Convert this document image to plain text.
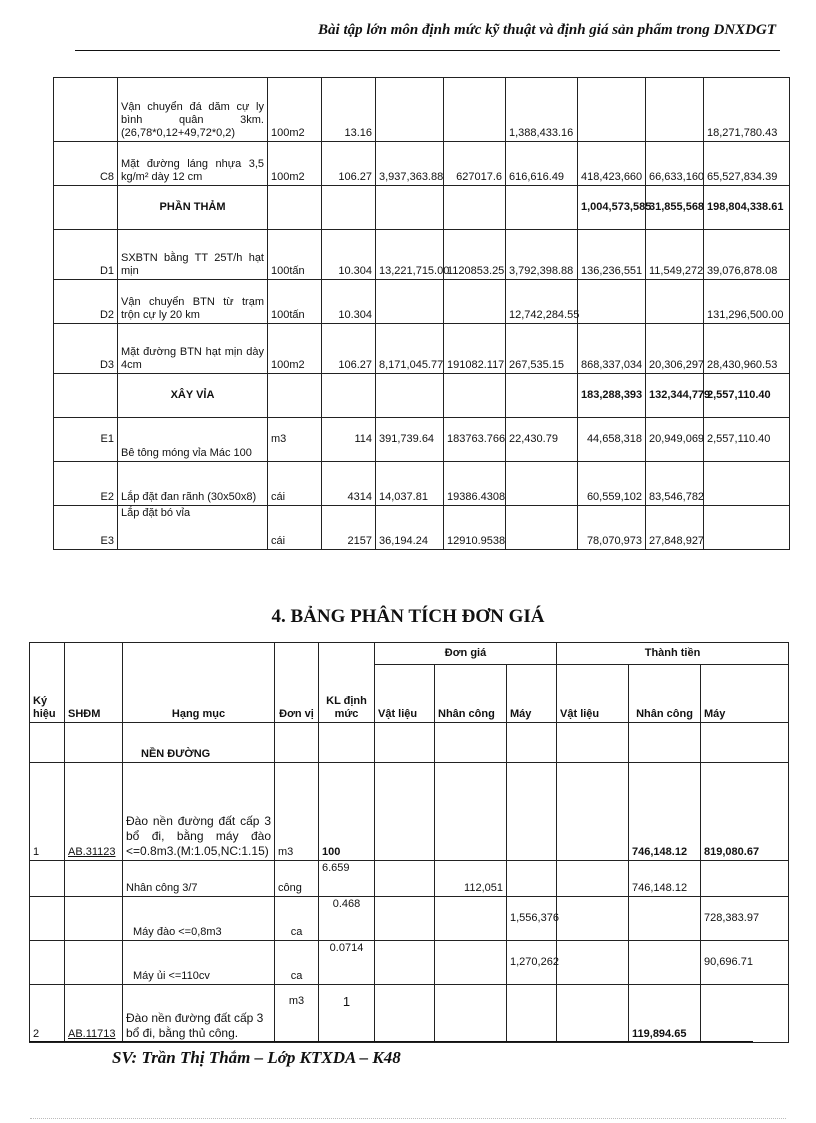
Bài tập lớn môn định mức kỹ thuật và định giá sản phẩm trong DNXDGT
	Vận chuyển đá dăm cự ly bình quân 3km.(26,78*0,12+49,72*0,2)	100m2	13.16			1,388,433.16			18,271,780.43
C8	Mặt đường láng nhựa 3,5 kg/m² dày 12 cm	100m2	106.27	3,937,363.88	627017.6	616,616.49	418,423,660	66,633,160	65,527,834.39
	PHẦN THẢM						1,004,573,585	31,855,568	198,804,338.61
D1	SXBTN bằng TT 25T/h hạt mịn	100tấn	10.304	13,221,715.00	1120853.25	3,792,398.88	136,236,551	11,549,272	39,076,878.08
D2	Vận chuyển BTN từ trạm trộn cự ly 20 km	100tấn	10.304			12,742,284.55			131,296,500.00
D3	Mặt đường BTN hạt mịn dày 4cm	100m2	106.27	8,171,045.77	191082.117	267,535.15	868,337,034	20,306,297	28,430,960.53
	XÂY VỈA						183,288,393	132,344,779	2,557,110.40
E1	Bê tông móng vỉa Mác 100	m3	114	391,739.64	183763.766	22,430.79	44,658,318	20,949,069	2,557,110.40
E2	Lắp đặt đan rãnh (30x50x8)	cái	4314	14,037.81	19386.4308		60,559,102	83,546,782	
E3	Lắp đặt bó vỉa	cái	2157	36,194.24	12910.9538		78,070,973	27,848,927	
4. BẢNG PHÂN TÍCH ĐƠN GIÁ
Ký hiệu	SHĐM	Hạng mục	Đơn vị	KL định mức	Đơn giá			Thành tiền		
					Vật liệu	Nhân công	Máy	Vật liệu	Nhân công	Máy
		NỀN ĐƯỜNG								
1	AB.31123	Đào nền đường đất cấp 3 bổ đi, bằng máy đào <=0.8m3.(M:1.05,NC:1.15)	m3	100					746,148.12	819,080.67
		Nhân công 3/7	công	6.659		112,051			746,148.12	
		Máy đào <=0,8m3	ca	0.468			1,556,376			728,383.97
		Máy ủi <=110cv	ca	0.0714			1,270,262			90,696.71
2	AB.11713	Đào nền đường đất cấp 3 bổ đi, bằng thủ công.	m3	1					119,894.65	
SV: Trần Thị Thắm – Lớp KTXDA – K48
